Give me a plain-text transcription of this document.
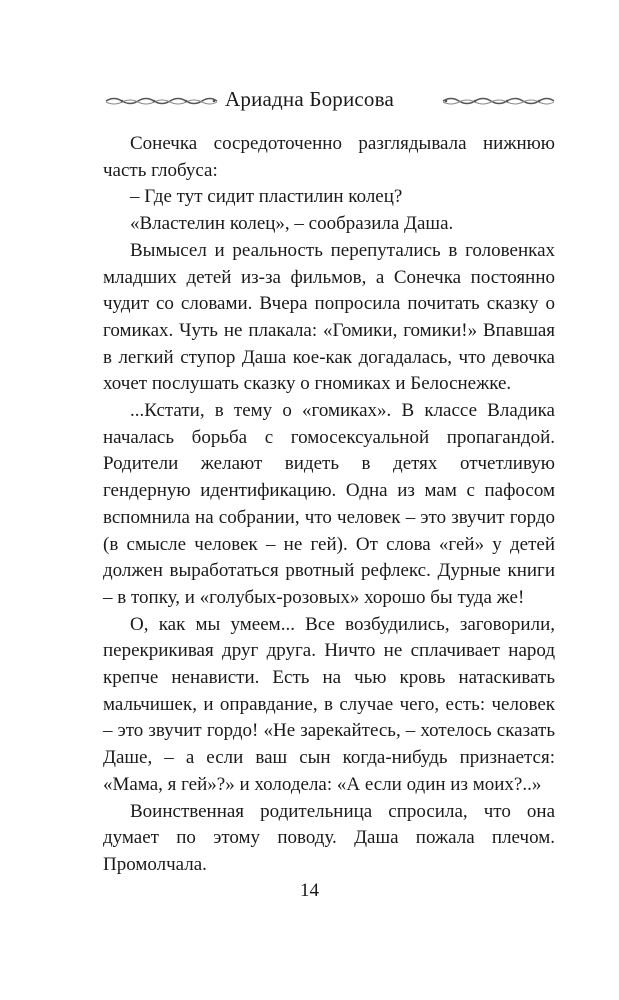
Ариадна Борисова

Сонечка сосредоточенно разглядывала нижнюю часть глобуса:

– Где тут сидит пластилин колец?

«Властелин колец», – сообразила Даша.

Вымысел и реальность перепутались в головенках младших детей из-за фильмов, а Сонечка постоянно чудит со словами. Вчера попросила почитать сказку о гомиках. Чуть не плакала: «Гомики, гомики!» Впавшая в легкий ступор Даша кое-как догадалась, что девочка хочет послушать сказку о гномиках и Белоснежке.

...Кстати, в тему о «гомиках». В классе Владика началась борьба с гомосексуальной пропагандой. Родители желают видеть в детях отчетливую гендерную идентификацию. Одна из мам с пафосом вспомнила на собрании, что человек – это звучит гордо (в смысле человек – не гей). От слова «гей» у детей должен выработаться рвотный рефлекс. Дурные книги – в топку, и «голубых-розовых» хорошо бы туда же!

О, как мы умеем... Все возбудились, заговорили, перекрикивая друг друга. Ничто не сплачивает народ крепче ненависти. Есть на чью кровь натаскивать мальчишек, и оправдание, в случае чего, есть: человек – это звучит гордо! «Не зарекайтесь, – хотелось сказать Даше, – а если ваш сын когда-нибудь признается: «Мама, я гей»?» и холодела: «А если один из моих?..»

Воинственная родительница спросила, что она думает по этому поводу. Даша пожала плечом. Промолчала.

14
